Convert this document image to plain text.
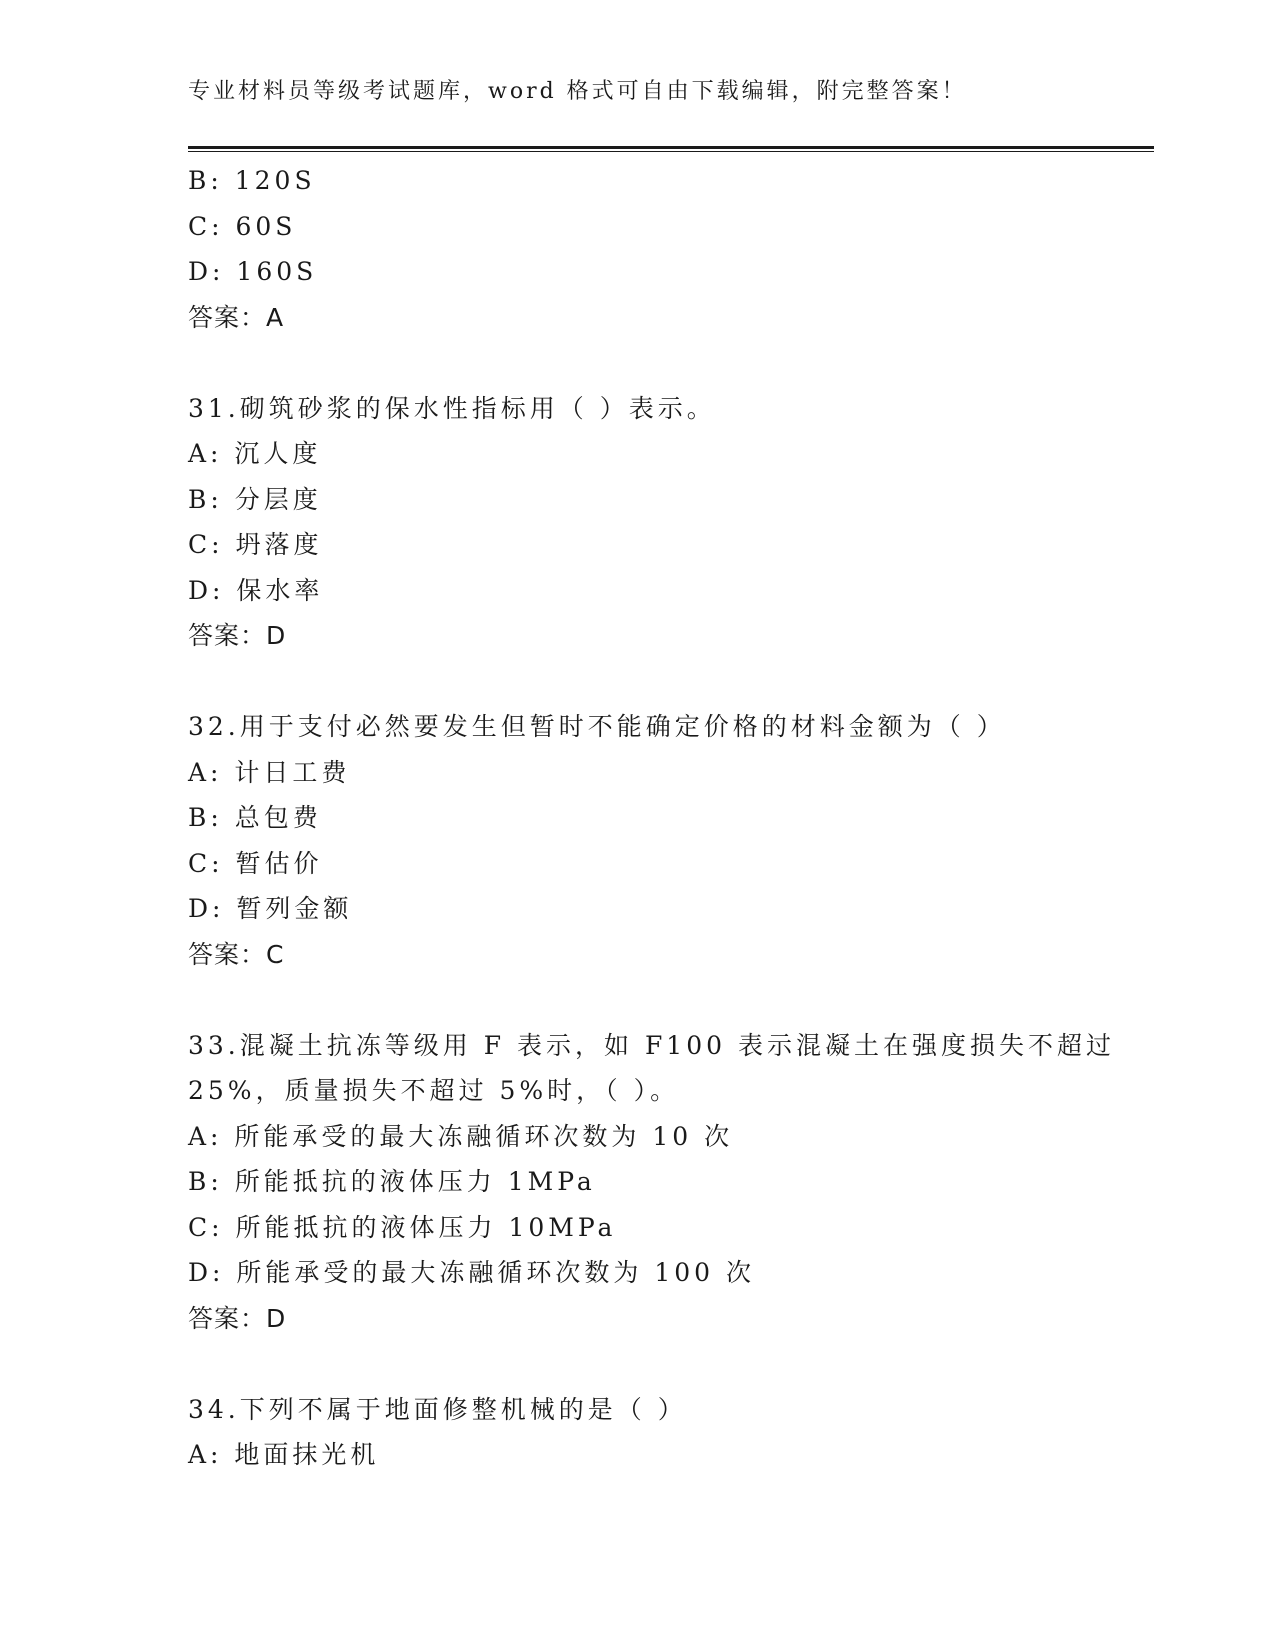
专业材料员等级考试题库，word 格式可自由下载编辑，附完整答案！
B: 120S
C: 60S
D: 160S
答案：A
31.砌筑砂浆的保水性指标用（ ）表示。
A: 沉人度
B: 分层度
C: 坍落度
D: 保水率
答案：D
32.用于支付必然要发生但暂时不能确定价格的材料金额为（ ）
A: 计日工费
B: 总包费
C: 暂估价
D: 暂列金额
答案：C
33.混凝土抗冻等级用 F 表示，如 F100 表示混凝土在强度损失不超过
25%，质量损失不超过 5%时，（ ）。
A: 所能承受的最大冻融循环次数为 10 次
B: 所能抵抗的液体压力 1MPa
C: 所能抵抗的液体压力 10MPa
D: 所能承受的最大冻融循环次数为 100 次
答案：D
34.下列不属于地面修整机械的是（ ）
A: 地面抹光机
